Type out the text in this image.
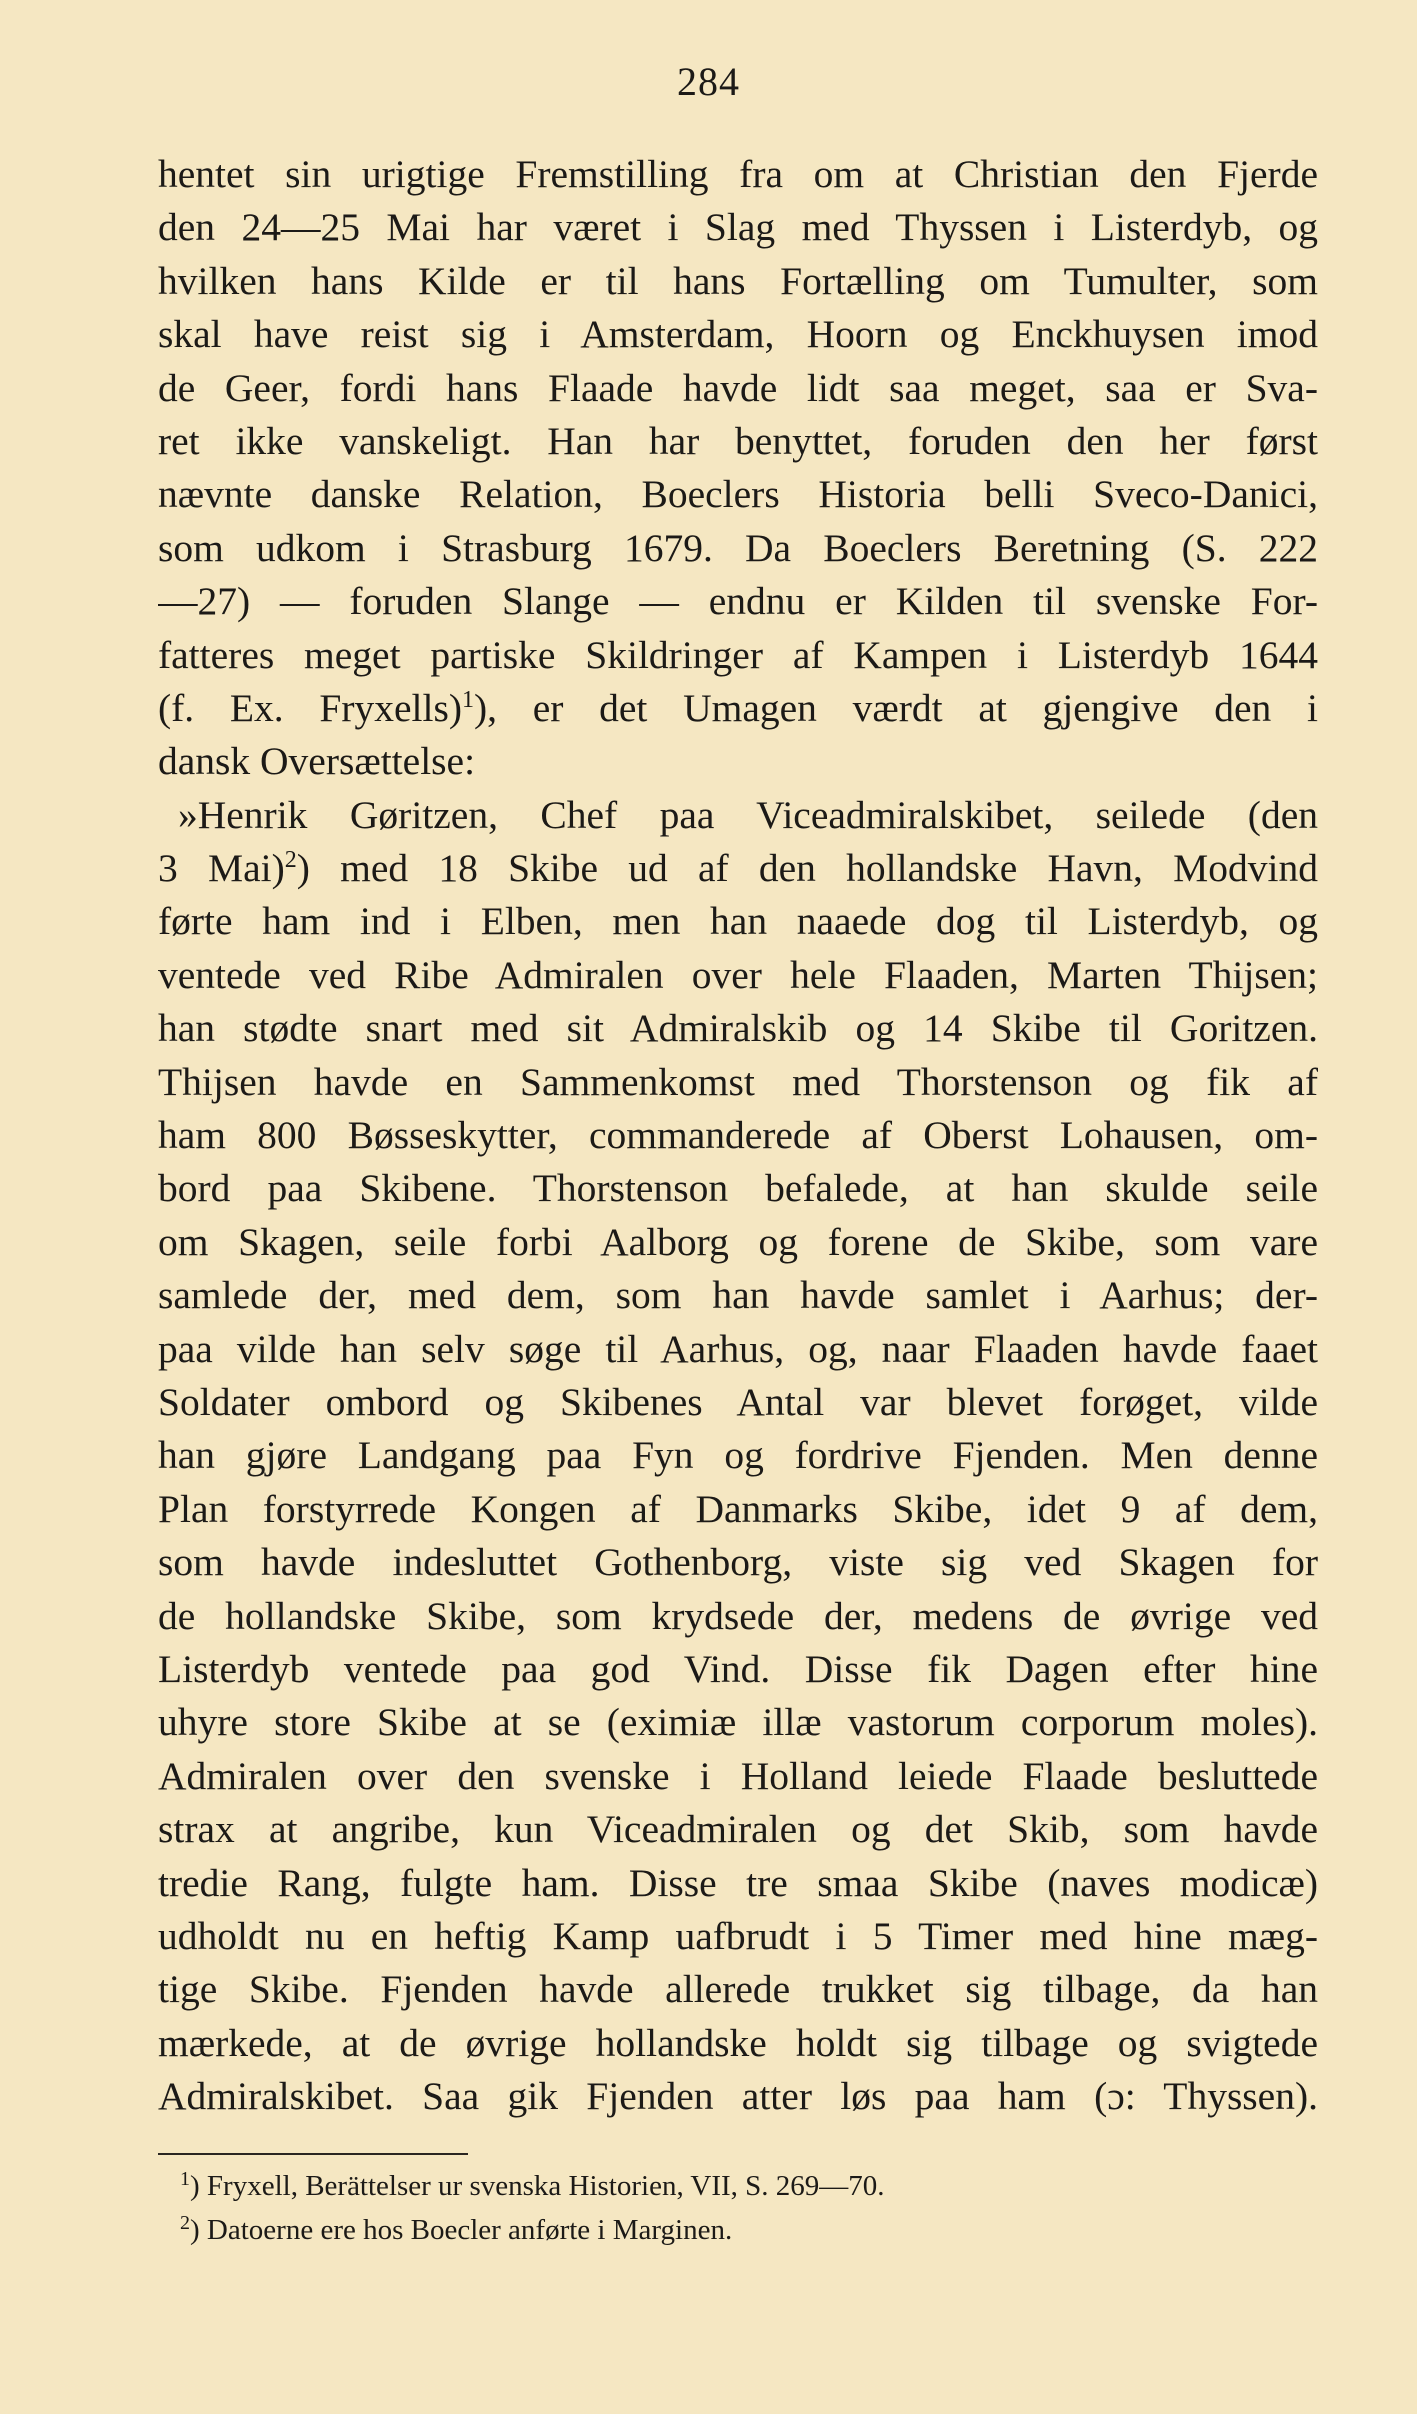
284
hentet sin urigtige Fremstilling fra om at Christian den Fjerde
den 24—25 Mai har været i Slag med Thyssen i Listerdyb, og
hvilken hans Kilde er til hans Fortælling om Tumulter, som
skal have reist sig i Amsterdam, Hoorn og Enckhuysen imod
de Geer, fordi hans Flaade havde lidt saa meget, saa er Sva-
ret ikke vanskeligt. Han har benyttet, foruden den her først
nævnte danske Relation, Boeclers Historia belli Sveco-Danici,
som udkom i Strasburg 1679. Da Boeclers Beretning (S. 222
—27) — foruden Slange — endnu er Kilden til svenske For-
fatteres meget partiske Skildringer af Kampen i Listerdyb 1644
(f. Ex. Fryxells)$^1$), er det Umagen værdt at gjengive den i
dansk Oversættelse:
»Henrik Gøritzen, Chef paa Viceadmiralskibet, seilede (den
3 Mai)$^2$) med 18 Skibe ud af den hollandske Havn, Modvind
førte ham ind i Elben, men han naaede dog til Listerdyb, og
ventede ved Ribe Admiralen over hele Flaaden, Marten Thijsen;
han stødte snart med sit Admiralskib og 14 Skibe til Goritzen.
Thijsen havde en Sammenkomst med Thorstenson og fik af
ham 800 Bøsseskytter, commanderede af Oberst Lohausen, om-
bord paa Skibene. Thorstenson befalede, at han skulde seile
om Skagen, seile forbi Aalborg og forene de Skibe, som vare
samlede der, med dem, som han havde samlet i Aarhus; der-
paa vilde han selv søge til Aarhus, og, naar Flaaden havde faaet
Soldater ombord og Skibenes Antal var blevet forøget, vilde
han gjøre Landgang paa Fyn og fordrive Fjenden. Men denne
Plan forstyrrede Kongen af Danmarks Skibe, idet 9 af dem,
som havde indesluttet Gothenborg, viste sig ved Skagen for
de hollandske Skibe, som krydsede der, medens de øvrige ved
Listerdyb ventede paa god Vind. Disse fik Dagen efter hine
uhyre store Skibe at se (eximiæ illæ vastorum corporum moles).
Admiralen over den svenske i Holland leiede Flaade besluttede
strax at angribe, kun Viceadmiralen og det Skib, som havde
tredie Rang, fulgte ham. Disse tre smaa Skibe (naves modicæ)
udholdt nu en heftig Kamp uafbrudt i 5 Timer med hine mæg-
tige Skibe. Fjenden havde allerede trukket sig tilbage, da han
mærkede, at de øvrige hollandske holdt sig tilbage og svigtede
Admiralskibet. Saa gik Fjenden atter løs paa ham (ɔ: Thyssen).
$^1$) Fryxell, Berättelser ur svenska Historien, VII, S. 269—70.
$^2$) Datoerne ere hos Boecler anførte i Marginen.
